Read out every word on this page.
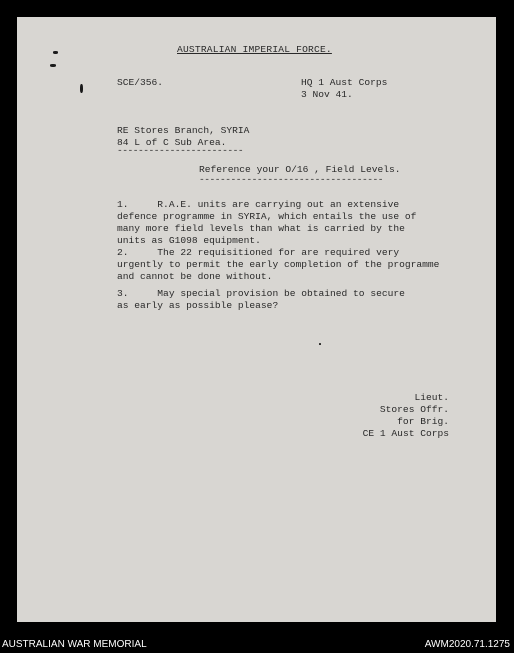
AUSTRALIAN IMPERIAL FORCE.
SCE/356.	HQ 1 Aust Corps
3 Nov 41.
RE Stores Branch, SYRIA
84 L of C Sub Area.
------------------------
Reference your O/16 , Field Levels.
-----------------------------------
1.     R.A.E. units are carrying out an extensive
defence programme in SYRIA, which entails the use of
many more field levels than what is carried by the
units as G1098 equipment.
2.     The 22 requisitioned for are required very
urgently to permit the early completion of the programme
and cannot be done without.
3.     May special provision be obtained to secure
as early as possible please?
Lieut.
Stores Offr.
for Brig.
CE 1 Aust Corps
AUSTRALIAN WAR MEMORIAL	AWM2020.71.1275
